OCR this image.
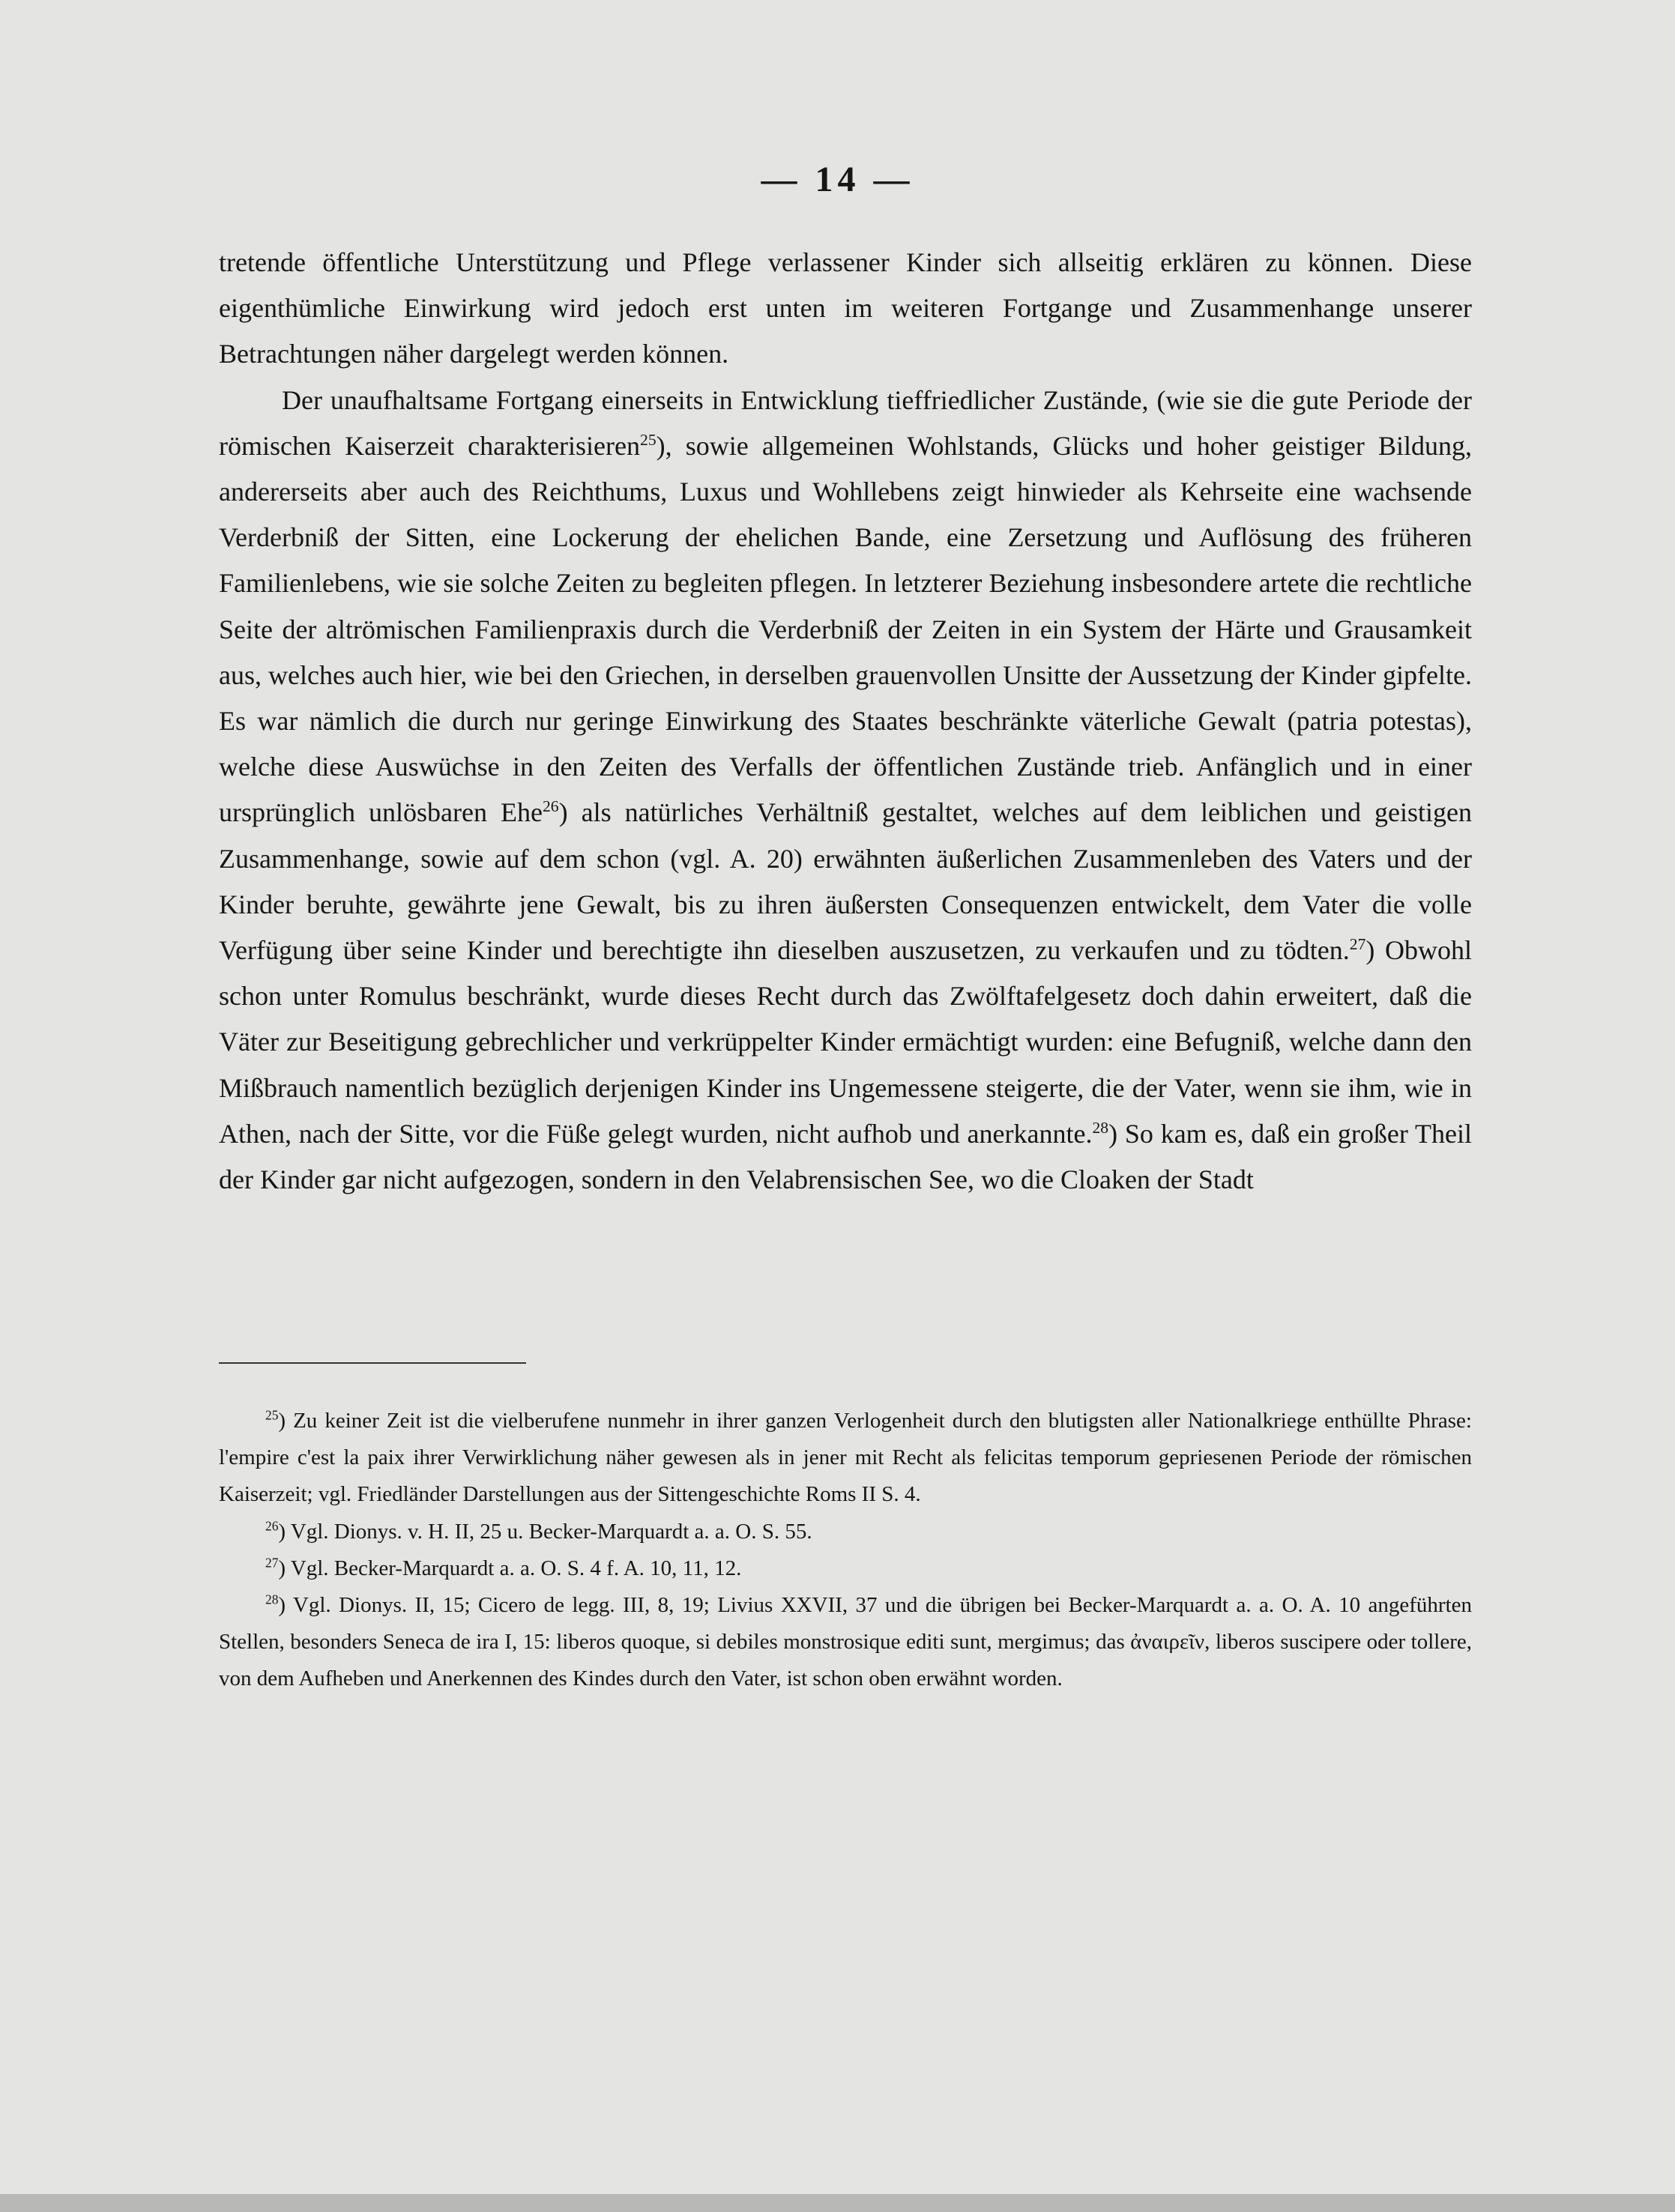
— 14 —

tretende öffentliche Unterstützung und Pflege verlassener Kinder sich allseitig erklären zu können. Diese eigenthümliche Einwirkung wird jedoch erst unten im weiteren Fortgange und Zusammenhange unserer Betrachtungen näher dargelegt werden können.

Der unaufhaltsame Fortgang einerseits in Entwicklung tieffriedlicher Zustände, (wie sie die gute Periode der römischen Kaiserzeit charakterisieren$^{25}$), sowie allgemeinen Wohlstands, Glücks und hoher geistiger Bildung, andererseits aber auch des Reichthums, Luxus und Wohllebens zeigt hinwieder als Kehrseite eine wachsende Verderbniß der Sitten, eine Lockerung der ehelichen Bande, eine Zersetzung und Auflösung des früheren Familienlebens, wie sie solche Zeiten zu begleiten pflegen. In letzterer Beziehung insbesondere artete die rechtliche Seite der altrömischen Familienpraxis durch die Verderbniß der Zeiten in ein System der Härte und Grausamkeit aus, welches auch hier, wie bei den Griechen, in derselben grauenvollen Unsitte der Aussetzung der Kinder gipfelte. Es war nämlich die durch nur geringe Einwirkung des Staates beschränkte väterliche Gewalt (patria potestas), welche diese Auswüchse in den Zeiten des Verfalls der öffentlichen Zustände trieb. Anfänglich und in einer ursprünglich unlösbaren Ehe$^{26}$) als natürliches Verhältniß gestaltet, welches auf dem leiblichen und geistigen Zusammenhange, sowie auf dem schon (vgl. A. 20) erwähnten äußerlichen Zusammenleben des Vaters und der Kinder beruhte, gewährte jene Gewalt, bis zu ihren äußersten Consequenzen entwickelt, dem Vater die volle Verfügung über seine Kinder und berechtigte ihn dieselben auszusetzen, zu verkaufen und zu tödten.$^{27}$) Obwohl schon unter Romulus beschränkt, wurde dieses Recht durch das Zwölftafelgesetz doch dahin erweitert, daß die Väter zur Beseitigung gebrechlicher und verkrüppelter Kinder ermächtigt wurden: eine Befugniß, welche dann den Mißbrauch namentlich bezüglich derjenigen Kinder ins Ungemessene steigerte, die der Vater, wenn sie ihm, wie in Athen, nach der Sitte, vor die Füße gelegt wurden, nicht aufhob und anerkannte.$^{28}$) So kam es, daß ein großer Theil der Kinder gar nicht aufgezogen, sondern in den Velabrensischen See, wo die Cloaken der Stadt

$^{25}$) Zu keiner Zeit ist die vielberufene nunmehr in ihrer ganzen Verlogenheit durch den blutigsten aller Nationalkriege enthüllte Phrase: l'empire c'est la paix ihrer Verwirklichung näher gewesen als in jener mit Recht als felicitas temporum gepriesenen Periode der römischen Kaiserzeit; vgl. Friedländer Darstellungen aus der Sittengeschichte Roms II S. 4.

$^{26}$) Vgl. Dionys. v. H. II, 25 u. Becker-Marquardt a. a. O. S. 55.

$^{27}$) Vgl. Becker-Marquardt a. a. O. S. 4 f. A. 10, 11, 12.

$^{28}$) Vgl. Dionys. II, 15; Cicero de legg. III, 8, 19; Livius XXVII, 37 und die übrigen bei Becker-Marquardt a. a. O. A. 10 angeführten Stellen, besonders Seneca de ira I, 15: liberos quoque, si debiles monstrosique editi sunt, mergimus; das ἀναιρεῖν, liberos suscipere oder tollere, von dem Aufheben und Anerkennen des Kindes durch den Vater, ist schon oben erwähnt worden.
